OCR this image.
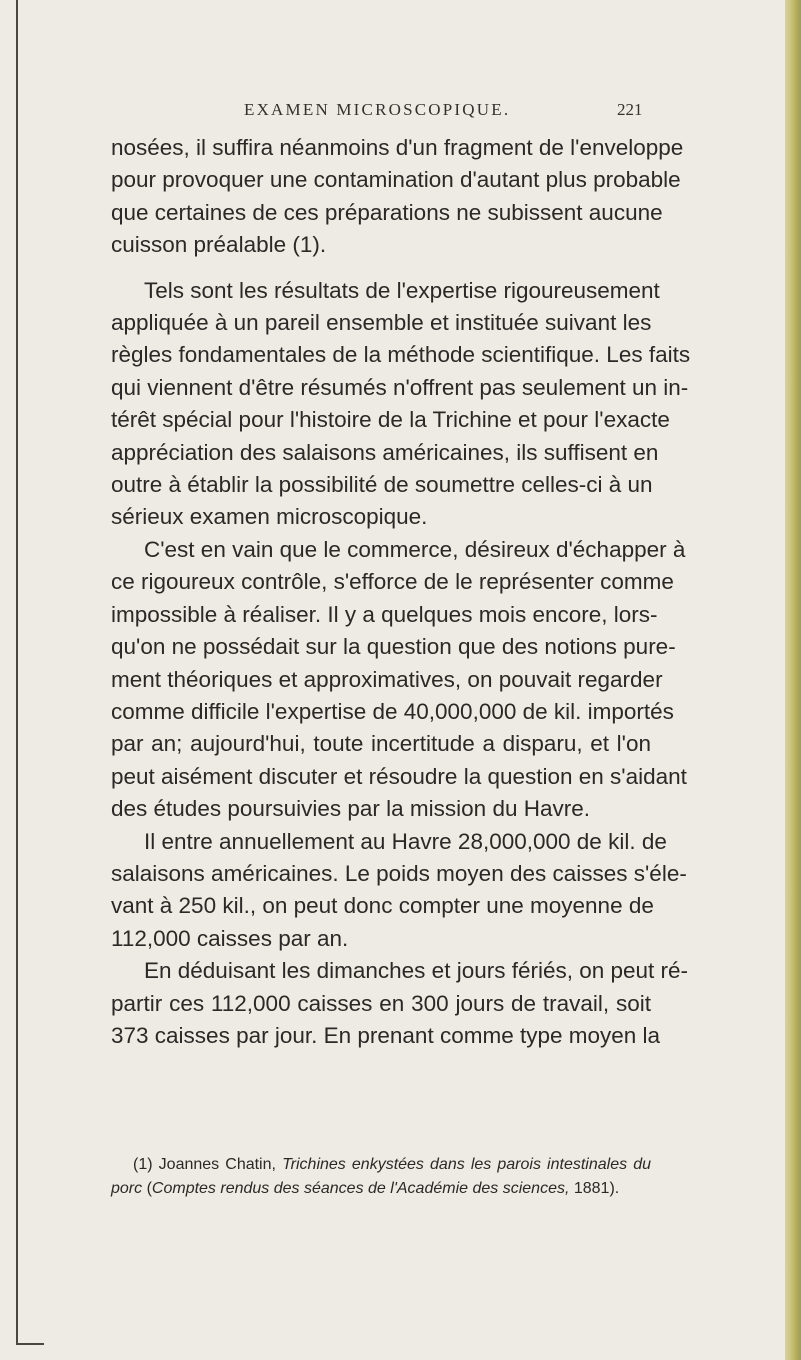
EXAMEN MICROSCOPIQUE.	221
nosées, il suffira néanmoins d'un fragment de l'enveloppe
pour provoquer une contamination d'autant plus probable
que certaines de ces préparations ne subissent aucune
cuisson préalable (1).
Tels sont les résultats de l'expertise rigoureusement
appliquée à un pareil ensemble et instituée suivant les
règles fondamentales de la méthode scientifique. Les faits
qui viennent d'être résumés n'offrent pas seulement un in-
térêt spécial pour l'histoire de la Trichine et pour l'exacte
appréciation des salaisons américaines, ils suffisent en
outre à établir la possibilité de soumettre celles-ci à un
sérieux examen microscopique.
C'est en vain que le commerce, désireux d'échapper à
ce rigoureux contrôle, s'efforce de le représenter comme
impossible à réaliser. Il y a quelques mois encore, lors-
qu'on ne possédait sur la question que des notions pure-
ment théoriques et approximatives, on pouvait regarder
comme difficile l'expertise de 40,000,000 de kil. importés
par an; aujourd'hui, toute incertitude a disparu, et l'on
peut aisément discuter et résoudre la question en s'aidant
des études poursuivies par la mission du Havre.
Il entre annuellement au Havre 28,000,000 de kil. de
salaisons américaines. Le poids moyen des caisses s'éle-
vant à 250 kil., on peut donc compter une moyenne de
112,000 caisses par an.
En déduisant les dimanches et jours fériés, on peut ré-
partir ces 112,000 caisses en 300 jours de travail, soit
373 caisses par jour. En prenant comme type moyen la
(1) Joannes Chatin, Trichines enkystées dans les parois intestinales du
porc (Comptes rendus des séances de l'Académie des sciences, 1881).
